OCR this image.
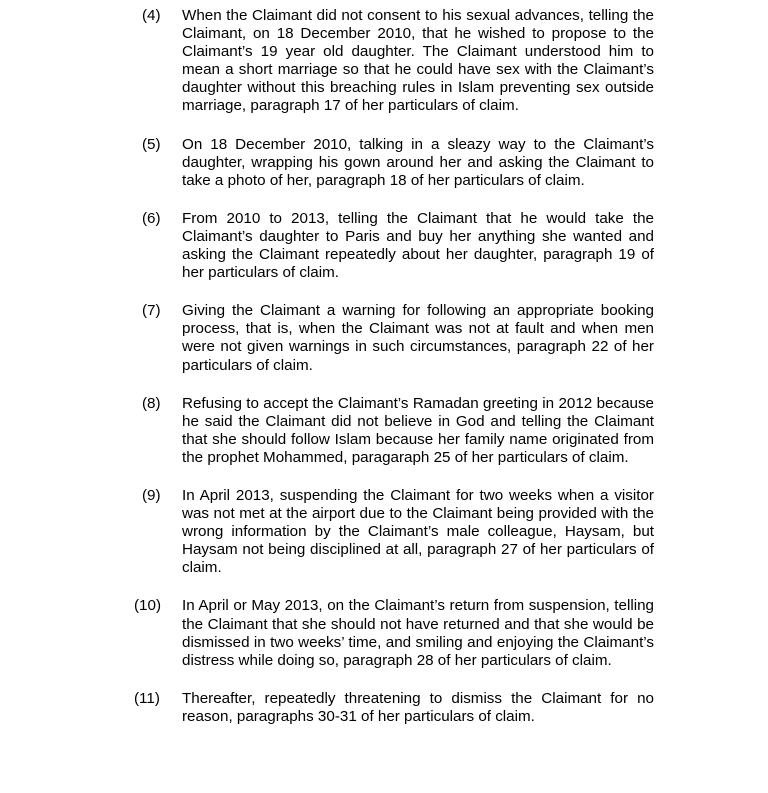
(4) When the Claimant did not consent to his sexual advances, telling the Claimant, on 18 December 2010, that he wished to propose to the Claimant’s 19 year old daughter. The Claimant understood him to mean a short marriage so that he could have sex with the Claimant’s daughter without this breaching rules in Islam preventing sex outside marriage, paragraph 17 of her particulars of claim.
(5) On 18 December 2010, talking in a sleazy way to the Claimant’s daughter, wrapping his gown around her and asking the Claimant to take a photo of her, paragraph 18 of her particulars of claim.
(6) From 2010 to 2013, telling the Claimant that he would take the Claimant’s daughter to Paris and buy her anything she wanted and asking the Claimant repeatedly about her daughter, paragraph 19 of her particulars of claim.
(7) Giving the Claimant a warning for following an appropriate booking process, that is, when the Claimant was not at fault and when men were not given warnings in such circumstances, paragraph 22 of her particulars of claim.
(8) Refusing to accept the Claimant’s Ramadan greeting in 2012 because he said the Claimant did not believe in God and telling the Claimant that she should follow Islam because her family name originated from the prophet Mohammed, paragaraph 25 of her particulars of claim.
(9) In April 2013, suspending the Claimant for two weeks when a visitor was not met at the airport due to the Claimant being provided with the wrong information by the Claimant’s male colleague, Haysam, but Haysam not being disciplined at all, paragraph 27 of her particulars of claim.
(10) In April or May 2013, on the Claimant’s return from suspension, telling the Claimant that she should not have returned and that she would be dismissed in two weeks’ time, and smiling and enjoying the Claimant’s distress while doing so, paragraph 28 of her particulars of claim.
(11) Thereafter, repeatedly threatening to dismiss the Claimant for no reason, paragraphs 30-31 of her particulars of claim.
